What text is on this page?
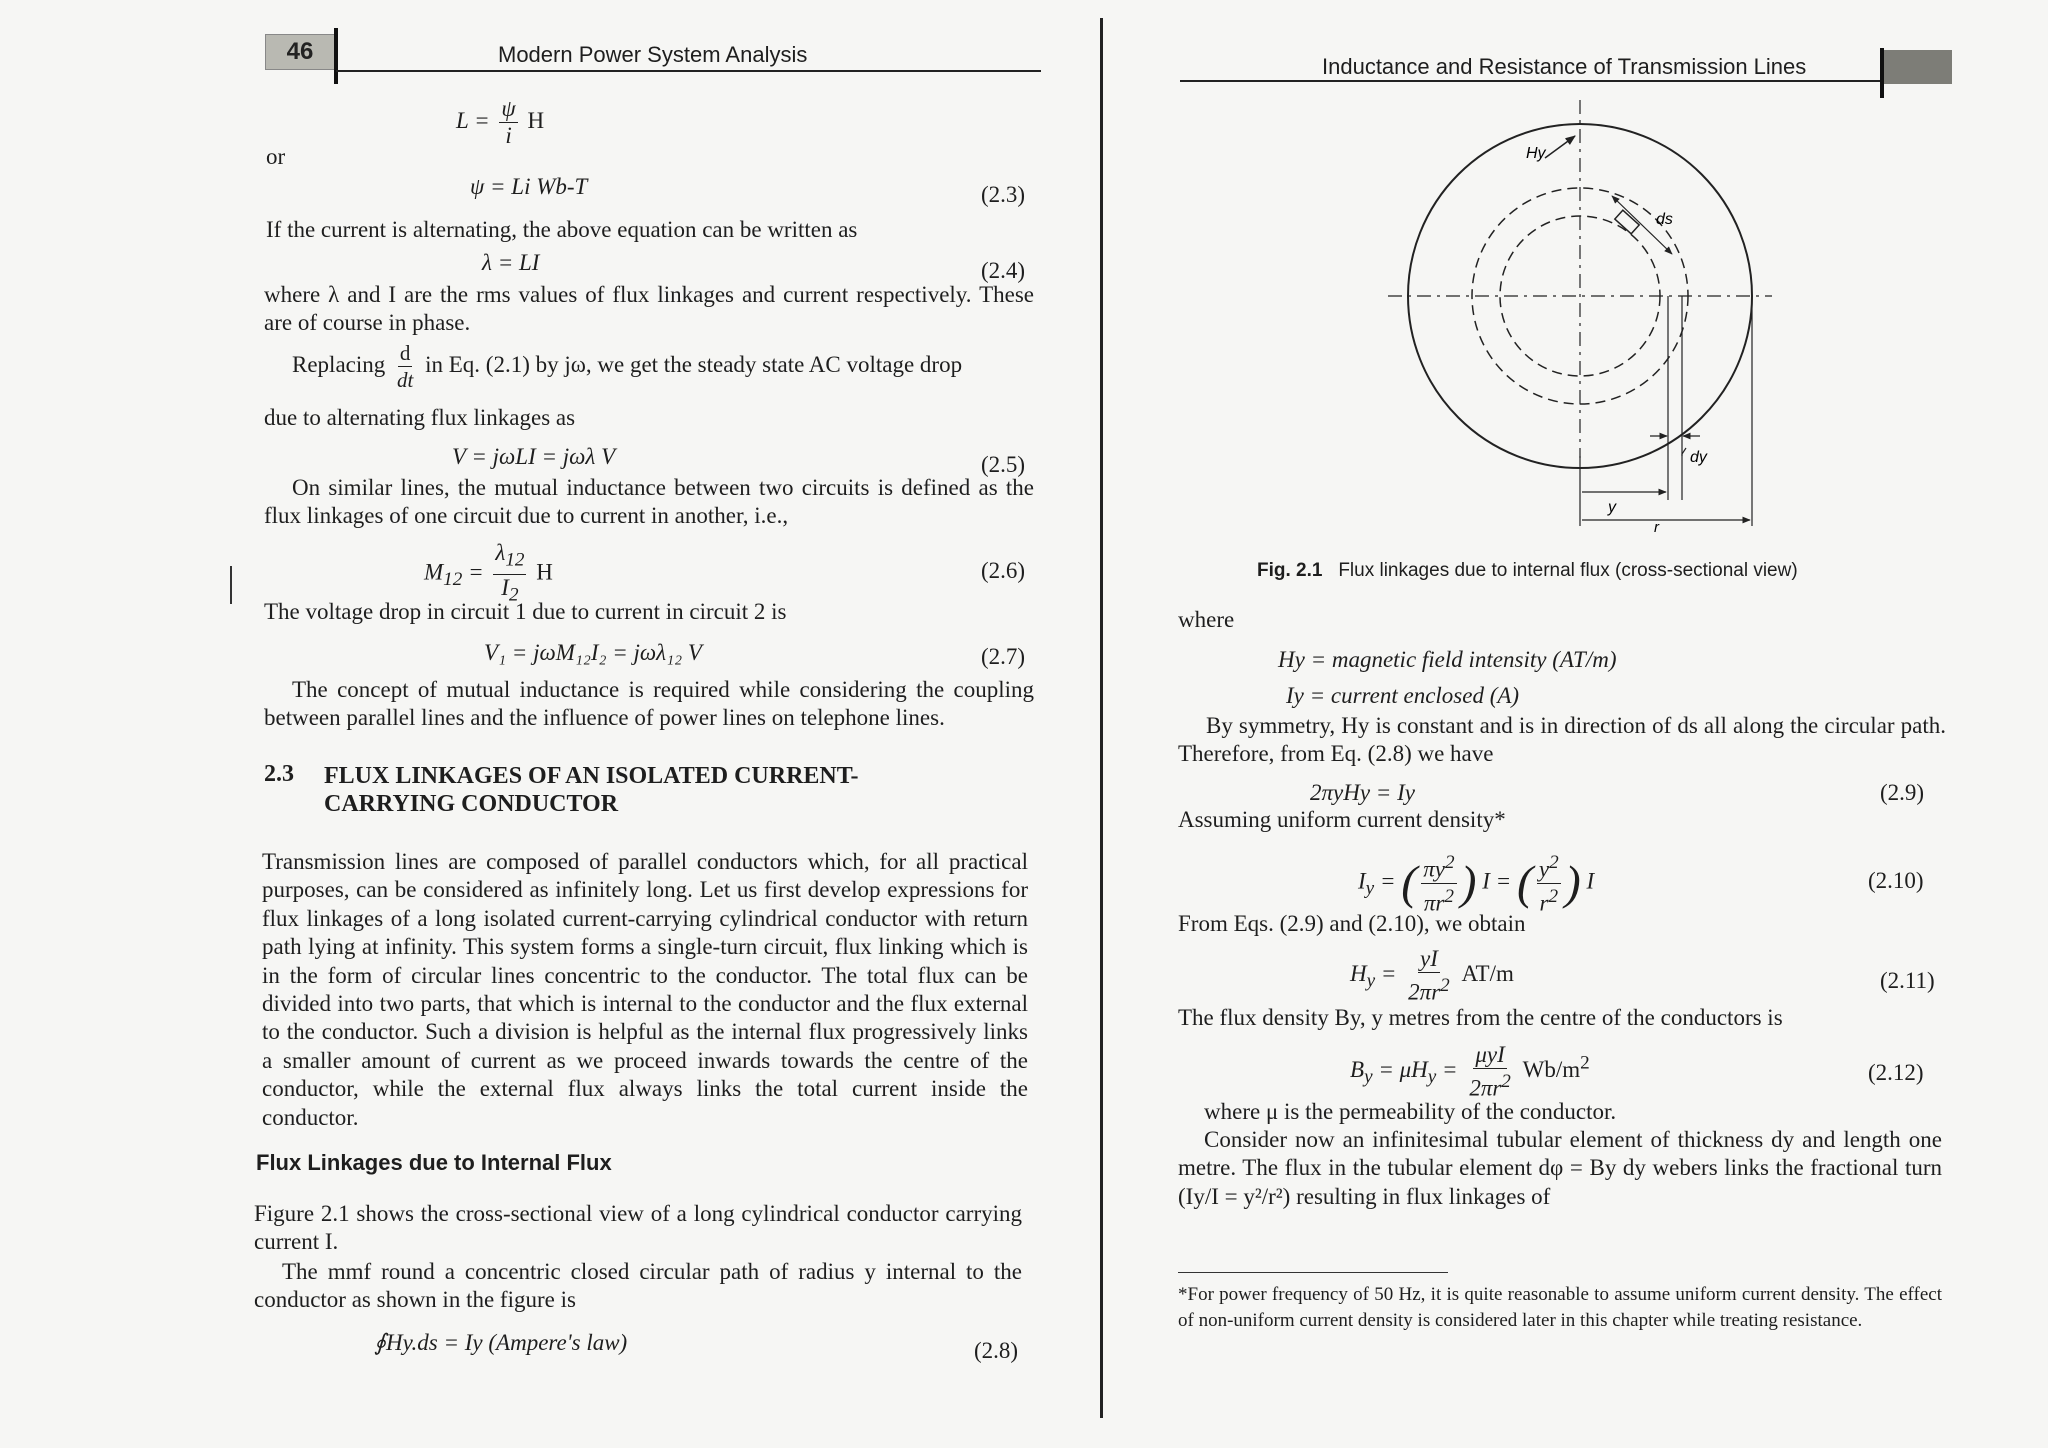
46	Modern Power System Analysis
$L = \frac{\psi}{i}$ H
or
ψ = Li Wb-T	(2.3)
If the current is alternating, the above equation can be written as
λ = LI	(2.4)
where λ and I are the rms values of flux linkages and current respectively. These are of course in phase.
Replacing $\frac{d}{dt}$ in Eq. (2.1) by jω, we get the steady state AC voltage drop
due to alternating flux linkages as
V = jωLI = jωλ V	(2.5)
On similar lines, the mutual inductance between two circuits is defined as the flux linkages of one circuit due to current in another, i.e.,
$M_{12} = \frac{\lambda_{12}}{I_2}$ H	(2.6)
The voltage drop in circuit 1 due to current in circuit 2 is
V₁ = jωM₁₂I₂ = jωλ₁₂ V	(2.7)
The concept of mutual inductance is required while considering the coupling between parallel lines and the influence of power lines on telephone lines.
2.3 FLUX LINKAGES OF AN ISOLATED CURRENT-
CARRYING CONDUCTOR
Transmission lines are composed of parallel conductors which, for all practical purposes, can be considered as infinitely long. Let us first develop expressions for flux linkages of a long isolated current-carrying cylindrical conductor with return path lying at infinity. This system forms a single-turn circuit, flux linking which is in the form of circular lines concentric to the conductor. The total flux can be divided into two parts, that which is internal to the conductor and the flux external to the conductor. Such a division is helpful as the internal flux progressively links a smaller amount of current as we proceed inwards towards the centre of the conductor, while the external flux always links the total current inside the conductor.
Flux Linkages due to Internal Flux
Figure 2.1 shows the cross-sectional view of a long cylindrical conductor carrying current I.
The mmf round a concentric closed circular path of radius y internal to the conductor as shown in the figure is
∮Hy.ds = Iy (Ampere's law)	(2.8)
Inductance and Resistance of Transmission Lines
Hy
ds
dy
y
r
Fig. 2.1 Flux linkages due to internal flux (cross-sectional view)
where
Hy = magnetic field intensity (AT/m)
Iy = current enclosed (A)
By symmetry, Hy is constant and is in direction of ds all along the circular path. Therefore, from Eq. (2.8) we have
2πyHy = Iy	(2.9)
Assuming uniform current density*
$I_y$ = ( $\frac{\pi y^2}{\pi r^2}$ ) I = ( $\frac{y^2}{r^2}$ ) I	(2.10)
From Eqs. (2.9) and (2.10), we obtain
$H_y = \frac{yI}{2\pi r^2} AT/m$	(2.11)
The flux density By, y metres from the centre of the conductors is
$B_y = \mu H_y = \frac{\text{μyI}}{2\pi r^2} Wb/m^2$	(2.12)
where μ is the permeability of the conductor.
Consider now an infinitesimal tubular element of thickness dy and length one metre. The flux in the tubular element dφ = By dy webers links the fractional turn (Iy/I = y²/r²) resulting in flux linkages of
*For power frequency of 50 Hz, it is quite reasonable to assume uniform current density. The effect of non-uniform current density is considered later in this chapter while treating resistance.
